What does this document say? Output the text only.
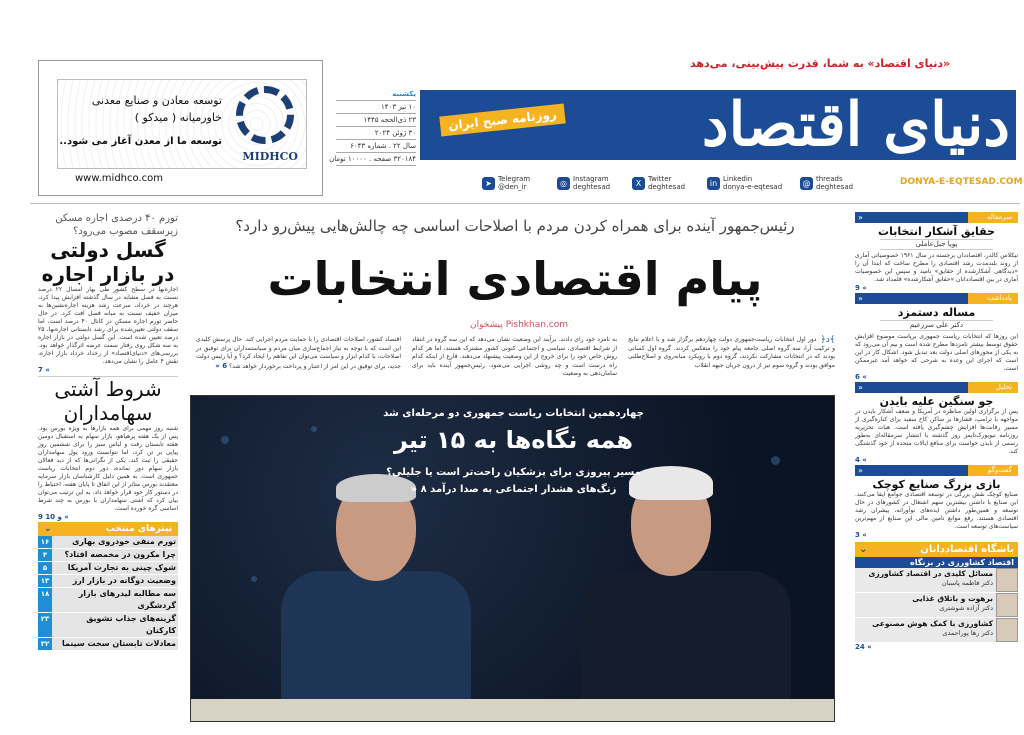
توسعه معادن و صنایع معدنی
خاورمیانه ( میدکو )
توسعه ما از معدن آغاز می شود..
MIDHCO
www.midhco.com
«دنیای اقتصاد» به شما، قدرت پیش‌بینی، می‌دهد
دنیای اقتصاد
روزنامه صبح ایران
یکشنبه
۱۰ تیر ۱۴۰۳
۲۳ ذی‌الحجه ۱۴۴۵
۳۰ ژوئن ۲۰۲۴
سال ۲۲ . شماره ۶۰۴۳
۳۲۰۱۸۴ صفحه . ۱۰۰۰۰ تومان
➤ Telegram
@den_ir	◎ Instagram
deghtesad	X Twitter
deghtesad	in Linkedin
donya-e-eqtesad	@ threads
deghtesad	DONYA-E-EQTESAD.COM
تورم ۴۰ درصدی اجاره مسکن زیرسقف مصوب می‌رود؟
گسل دولتی در بازار اجاره
اجاره‌بها در سطح کشور طی بهار امسال ۲۲ درصد نسبت به فصل مشابه در سال گذشته افزایش پیدا کرد، هرچند در خرداد، سرعت رشد هزینه اجاره‌نشین‌ها به میزان خفیف نسبت به میانه فصل افت کرد. در حال حاضر تورم اجاره مسکن در کانال ۴۰ درصد است، اما سقف دولتی تعیین‌شده برای رشد تابستانی اجاره‌بها، ۲۵ درصد تعیین شده است. این گسل دولتی در بازار اجاره به سه شکل روی رفتار سمت عرضه اثرگذار خواهد بود. بررسی‌های «دنیای‌اقتصاد» از رخداد خرداد بازار اجاره، نقش ۴ عامل را نشان می‌دهد.
7 «
شروط آشتی سهامداران
شنبه روز مهمی برای همه بازارها به ویژه بورس بود. پس از یک هفته پرهیاهو، بازار سهام به استقبال دومین هفته تابستان رفت و لباس سبز را برای ششمین روز پیاپی بر تن کرد، اما نتوانست ورود پول سهامداران حقیقی را ثبت کند. یکی از نگرانی‌ها که از دید فعالان بازار سهام دور نمانده، دور دوم انتخابات ریاست جمهوری است. به همین دلیل کارشناسان بازار سرمایه معتقدند بورس متاثر از این اتفاق تا پایان هفته، احتیاط را در دستور کار خود قرار خواهد داد. به این ترتیب می‌توان بیان کرد که آشتی سهامداران با بورس به چند شرط اساسی گره خورده است.
9 و 10 «
تیترهای منتخب
⌄
۱۶	تورم منفی خودروی بهاری
۴	چرا مکرون در مخمصه افتاد؟
۵	شوک چینی به تجارت آمریکا
۱۳	وضعیت دوگانه در بازار ارز
۱۸	سه مطالبه لیدرهای بازار گردشگری
۲۳	گزینه‌های جذاب تشویق کارکنان
۳۲	معادلات تابستان سخت سینما
رئیس‌جمهور آینده برای همراه کردن مردم با اصلاحات اساسی چه چالش‌هایی پیش‌رو دارد؟
پیام اقتصادی انتخابات
پیشخوان Pishkhan.com
﴾د﴿
دور اول انتخابات ریاست‌جمهوری دولت چهاردهم برگزار شد و با اعلام نتایج و ترکیب آرا، سه گروه اصلی جامعه پیام خود را منعکس کردند. گروه اول کسانی بودند که در انتخابات مشارکت نکردند، گروه دوم با رویکرد میانه‌روی و اصلاح‌طلبی موافق بودند و گروه سوم نیز از درون جریان جبهه انقلاب
به نامزد خود رای دادند. برآیند این وضعیت نشان می‌دهد که این سه گروه در انتقاد از شرایط اقتصادی، سیاسی و اجتماعی کنونی کشور مشترک هستند، اما هر کدام روش خاص خود را برای خروج از این وضعیت پیشنهاد می‌دهند. فارغ از اینکه کدام راه درست است و چه روشی اجرایی می‌شود، رئیس‌جمهور آینده باید برای سامان‌دهی به وضعیت
اقتصاد کشور، اصلاحات اقتصادی را با حمایت مردم اجرایی کند. حال پرسش کلیدی این است که با توجه به نیاز اجماع‌سازی میان مردم و سیاستمداران برای توفیق در اصلاحات، با کدام ابزار و سیاست می‌توان این تفاهم را ایجاد کرد؟ و آیا رئیس دولت جدید، برای توفیق در این امر از اعتبار و پرداخت برخوردار خواهد شد؟ 6 «
چهاردهمین انتخابات ریاست جمهوری دو مرحله‌ای شد
همه نگاه‌ها به ۱۵ تیر
مسیر پیروزی برای پزشکیان راحت‌تر است یا جلیلی؟
زنگ‌های هشدار اجتماعی به صدا درآمد ۸ «
سرمقاله
«
حقایق آشکار انتخابات
پویا جبل‌عاملی
نیکلاس کالدر، اقتصاددان برجسته در سال ۱۹۶۱ خصوصیاتی آماری از روند بلندمدت رشد اقتصادی را مطرح ساخت که ابتدا آن را «دیدگاهی آشکارشده از حقایق» نامید و سپس این خصوصیات آماری در بین اقتصاددانان «حقایق آشکارشده» قلمداد شد.
9 «
یادداشت
«
مساله دستمزد
دکتر علی سرزعیم
این روزها که انتخابات ریاست جمهوری برپاست موضوع افزایش حقوق توسط بیشتر نامزدها مطرح شده است و بیم آن می‌رود که به یکی از محورهای اصلی دولت بعد تبدیل شود. اشکال کار در این است که اجرای این وعده به شرحی که خواهد آمد غیرممکن است.
6 «
تحلیل
«
جو سنگین علیه بایدن
پس از برگزاری اولین مناظره در آمریکا و ضعف آشکار بایدن در مواجهه با ترامپ، فشارها بر ساکن کاخ سفید برای کناره‌گیری از مسیر رقابت‌ها افزایش چشم‌گیری یافته است. هیات تحریریه روزنامه نیویورک‌تایمز روز گذشته با انتشار سرمقاله‌ای به‌طور رسمی از بایدن خواست برای منافع ایالات متحده از خود گذشتگی کند.
4 «
گفت‌وگو
«
بازی بزرگ صنایع کوچک
صنایع کوچک نقش بزرگی در توسعه اقتصادی جوامع ایفا می‌کنند. این صنایع با داشتن بیشترین سهم اشتغال در کشورهای در حال توسعه و همین‌طور داشتن ایده‌های نوآورانه، پیشران رشد اقتصادی هستند. رفع موانع تامین مالی این صنایع از مهم‌ترین سیاست‌های توسعه است.
3 «
باشگاه اقتصاددانان
⌄
اقتصاد کشاورزی در بزنگاه
مسائل کلیدی در اقتصاد کشاورزی
دکتر فاطمه پاسبان
برهوت و باتلاق غذایی
دکتر آزاده شوشتری
کشاورزی با کمک هوش مصنوعی
دکتر رها پوراحمدی
24 «
